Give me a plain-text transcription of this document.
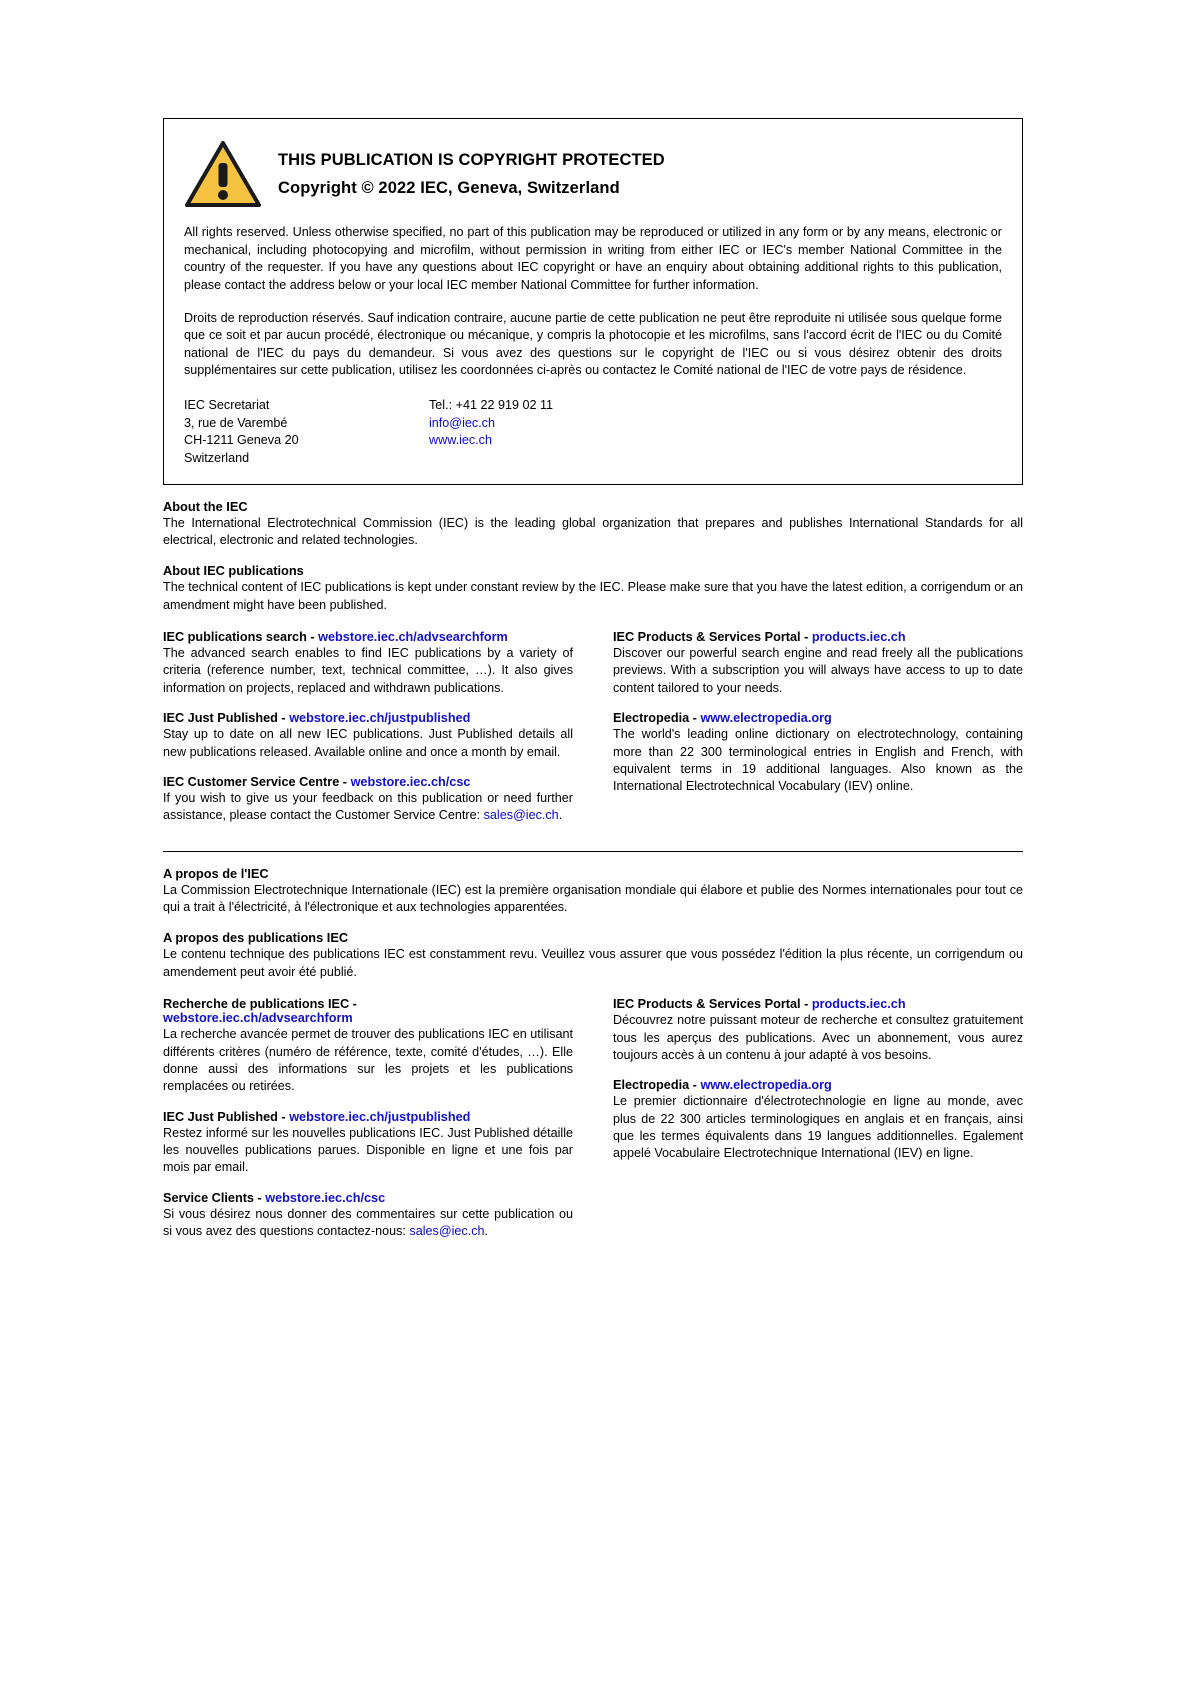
THIS PUBLICATION IS COPYRIGHT PROTECTED

Copyright © 2022 IEC, Geneva, Switzerland

All rights reserved. Unless otherwise specified, no part of this publication may be reproduced or utilized in any form or by any means, electronic or mechanical, including photocopying and microfilm, without permission in writing from either IEC or IEC's member National Committee in the country of the requester. If you have any questions about IEC copyright or have an enquiry about obtaining additional rights to this publication, please contact the address below or your local IEC member National Committee for further information.

Droits de reproduction réservés. Sauf indication contraire, aucune partie de cette publication ne peut être reproduite ni utilisée sous quelque forme que ce soit et par aucun procédé, électronique ou mécanique, y compris la photocopie et les microfilms, sans l'accord écrit de l'IEC ou du Comité national de l'IEC du pays du demandeur. Si vous avez des questions sur le copyright de l'IEC ou si vous désirez obtenir des droits supplémentaires sur cette publication, utilisez les coordonnées ci-après ou contactez le Comité national de l'IEC de votre pays de résidence.

IEC Secretariat
3, rue de Varembé
CH-1211 Geneva 20
Switzerland
Tel.: +41 22 919 02 11
info@iec.ch
www.iec.ch

About the IEC

The International Electrotechnical Commission (IEC) is the leading global organization that prepares and publishes International Standards for all electrical, electronic and related technologies.

About IEC publications

The technical content of IEC publications is kept under constant review by the IEC. Please make sure that you have the latest edition, a corrigendum or an amendment might have been published.

IEC publications search - webstore.iec.ch/advsearchform

The advanced search enables to find IEC publications by a variety of criteria (reference number, text, technical committee, …). It also gives information on projects, replaced and withdrawn publications.

IEC Just Published - webstore.iec.ch/justpublished

Stay up to date on all new IEC publications. Just Published details all new publications released. Available online and once a month by email.

IEC Customer Service Centre - webstore.iec.ch/csc

If you wish to give us your feedback on this publication or need further assistance, please contact the Customer Service Centre: sales@iec.ch.

IEC Products & Services Portal - products.iec.ch

Discover our powerful search engine and read freely all the publications previews. With a subscription you will always have access to up to date content tailored to your needs.

Electropedia - www.electropedia.org

The world's leading online dictionary on electrotechnology, containing more than 22 300 terminological entries in English and French, with equivalent terms in 19 additional languages. Also known as the International Electrotechnical Vocabulary (IEV) online.

A propos de l'IEC

La Commission Electrotechnique Internationale (IEC) est la première organisation mondiale qui élabore et publie des Normes internationales pour tout ce qui a trait à l'électricité, à l'électronique et aux technologies apparentées.

A propos des publications IEC

Le contenu technique des publications IEC est constamment revu. Veuillez vous assurer que vous possédez l'édition la plus récente, un corrigendum ou amendement peut avoir été publié.

Recherche de publications IEC -
webstore.iec.ch/advsearchform

La recherche avancée permet de trouver des publications IEC en utilisant différents critères (numéro de référence, texte, comité d'études, …). Elle donne aussi des informations sur les projets et les publications remplacées ou retirées.

IEC Just Published - webstore.iec.ch/justpublished

Restez informé sur les nouvelles publications IEC. Just Published détaille les nouvelles publications parues. Disponible en ligne et une fois par mois par email.

Service Clients - webstore.iec.ch/csc

Si vous désirez nous donner des commentaires sur cette publication ou si vous avez des questions contactez-nous: sales@iec.ch.

IEC Products & Services Portal - products.iec.ch

Découvrez notre puissant moteur de recherche et consultez gratuitement tous les aperçus des publications. Avec un abonnement, vous aurez toujours accès à un contenu à jour adapté à vos besoins.

Electropedia - www.electropedia.org

Le premier dictionnaire d'électrotechnologie en ligne au monde, avec plus de 22 300 articles terminologiques en anglais et en français, ainsi que les termes équivalents dans 19 langues additionnelles. Egalement appelé Vocabulaire Electrotechnique International (IEV) en ligne.
